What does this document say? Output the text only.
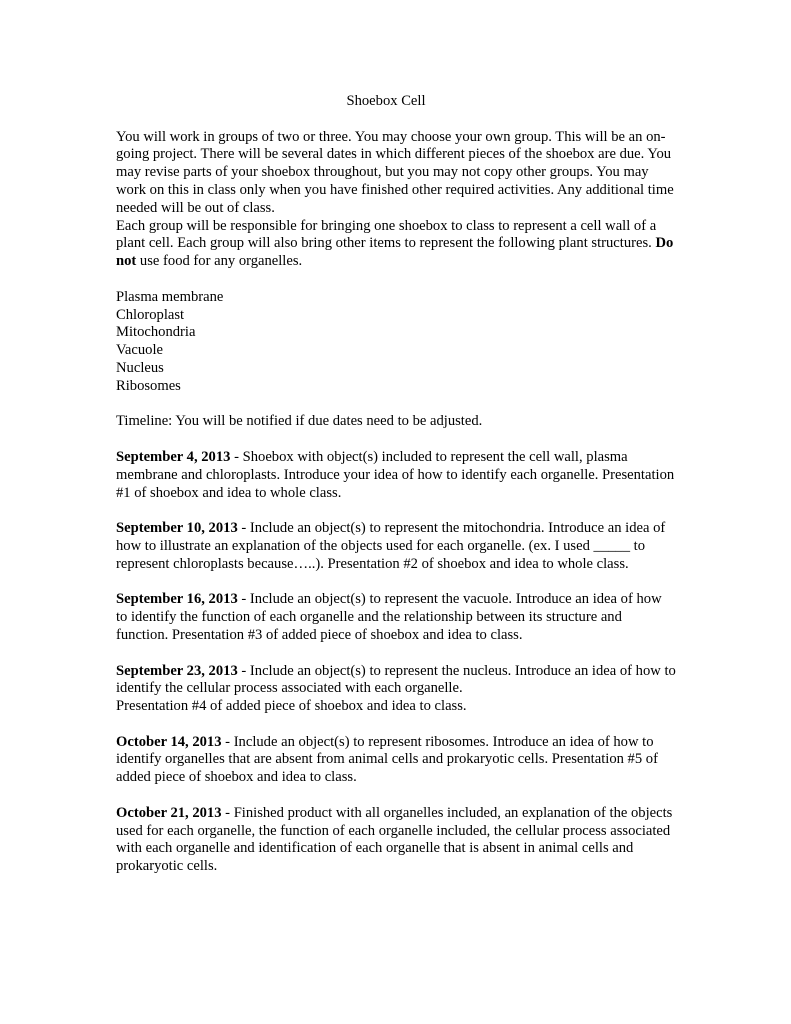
Shoebox Cell

You will work in groups of two or three. You may choose your own group. This will be an on-going project. There will be several dates in which different pieces of the shoebox are due. You may revise parts of your shoebox throughout, but you may not copy other groups. You may work on this in class only when you have finished other required activities. Any additional time needed will be out of class.

Each group will be responsible for bringing one shoebox to class to represent a cell wall of a plant cell. Each group will also bring other items to represent the following plant structures. Do not use food for any organelles.

Plasma membrane
Chloroplast
Mitochondria
Vacuole
Nucleus
Ribosomes

Timeline: You will be notified if due dates need to be adjusted.

September 4, 2013 - Shoebox with object(s) included to represent the cell wall, plasma membrane and chloroplasts. Introduce your idea of how to identify each organelle. Presentation #1 of shoebox and idea to whole class.

September 10, 2013 - Include an object(s) to represent the mitochondria. Introduce an idea of how to illustrate an explanation of the objects used for each organelle. (ex. I used _____ to represent chloroplasts because…..). Presentation #2 of shoebox and idea to whole class.

September 16, 2013 - Include an object(s) to represent the vacuole. Introduce an idea of how to identify the function of each organelle and the relationship between its structure and function. Presentation #3 of added piece of shoebox and idea to class.

September 23, 2013 - Include an object(s) to represent the nucleus. Introduce an idea of how to identify the cellular process associated with each organelle.
Presentation #4 of added piece of shoebox and idea to class.

October 14, 2013 - Include an object(s) to represent ribosomes. Introduce an idea of how to identify organelles that are absent from animal cells and prokaryotic cells. Presentation #5 of added piece of shoebox and idea to class.

October 21, 2013 - Finished product with all organelles included, an explanation of the objects used for each organelle, the function of each organelle included, the cellular process associated with each organelle and identification of each organelle that is absent in animal cells and prokaryotic cells.
